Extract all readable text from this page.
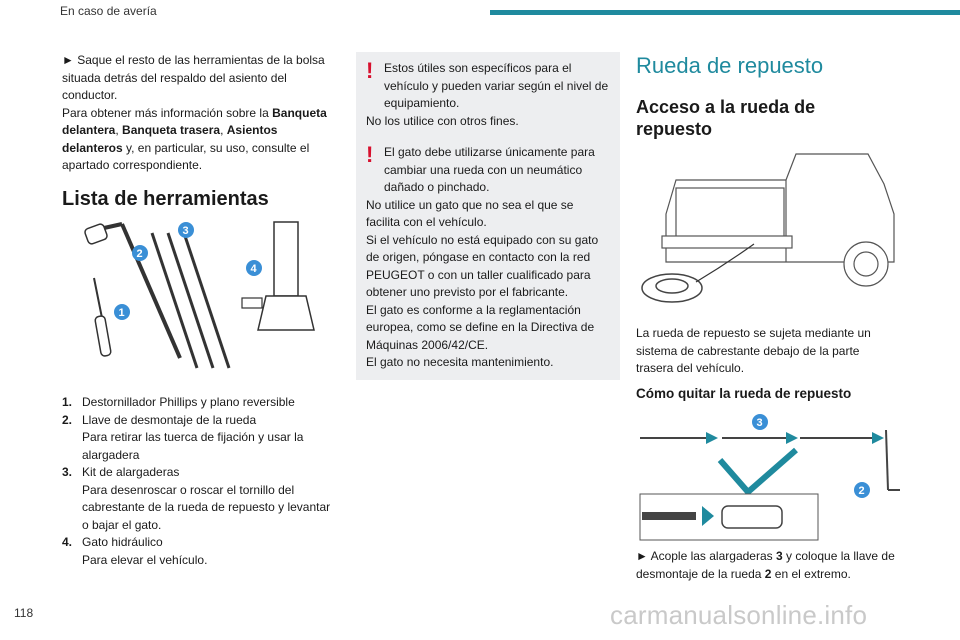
En caso de avería

► Saque el resto de las herramientas de la bolsa situada detrás del respaldo del asiento del conductor.

Para obtener más información sobre la Banqueta delantera, Banqueta trasera, Asientos delanteros y, en particular, su uso, consulte el apartado correspondiente.

Lista de herramientas
1
2
3
4
1. Destornillador Phillips y plano reversible
2. Llave de desmontaje de la rueda
Para retirar las tuerca de fijación y usar la alargadera
3. Kit de alargaderas
Para desenroscar o roscar el tornillo del cabrestante de la rueda de repuesto y levantar o bajar el gato.
4. Gato hidráulico
Para elevar el vehículo.
! Estos útiles son específicos para el vehículo y pueden variar según el nivel de equipamiento.

No los utilice con otros fines.

! El gato debe utilizarse únicamente para cambiar una rueda con un neumático dañado o pinchado.

No utilice un gato que no sea el que se facilita con el vehículo.

Si el vehículo no está equipado con su gato de origen, póngase en contacto con la red PEUGEOT o con un taller cualificado para obtener uno previsto por el fabricante.

El gato es conforme a la reglamentación europea, como se define en la Directiva de Máquinas 2006/42/CE.

El gato no necesita mantenimiento.

Rueda de repuesto
Acceso a la rueda de repuesto
La rueda de repuesto se sujeta mediante un sistema de cabrestante debajo de la parte trasera del vehículo.
Cómo quitar la rueda de repuesto
3
2
► Acople las alargaderas 3 y coloque la llave de desmontaje de la rueda 2 en el extremo.
118	carmanualsonline.info
